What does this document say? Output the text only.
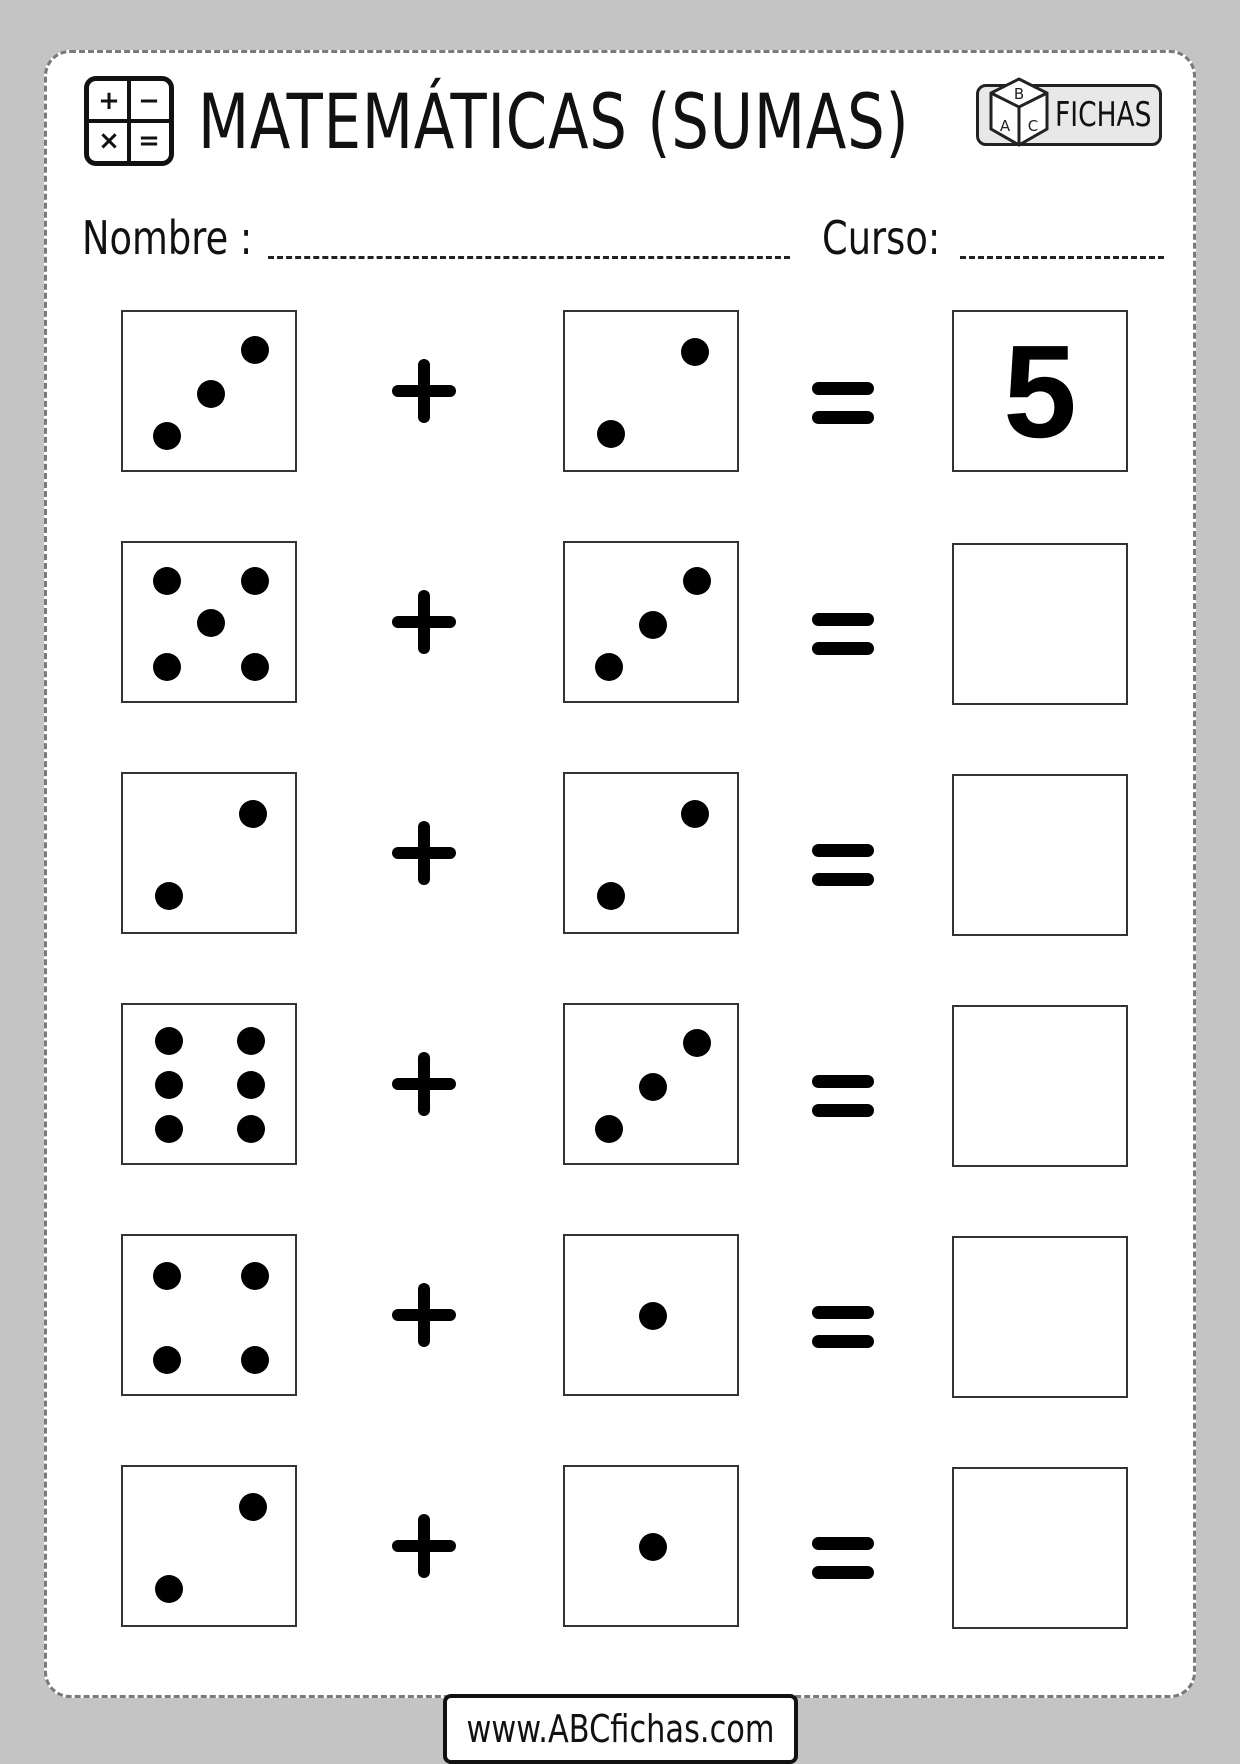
+ −
× = MATEMÁTICAS (SUMAS)	B
A C FICHAS
Nombre :	Curso:
5
www.ABCfichas.com
